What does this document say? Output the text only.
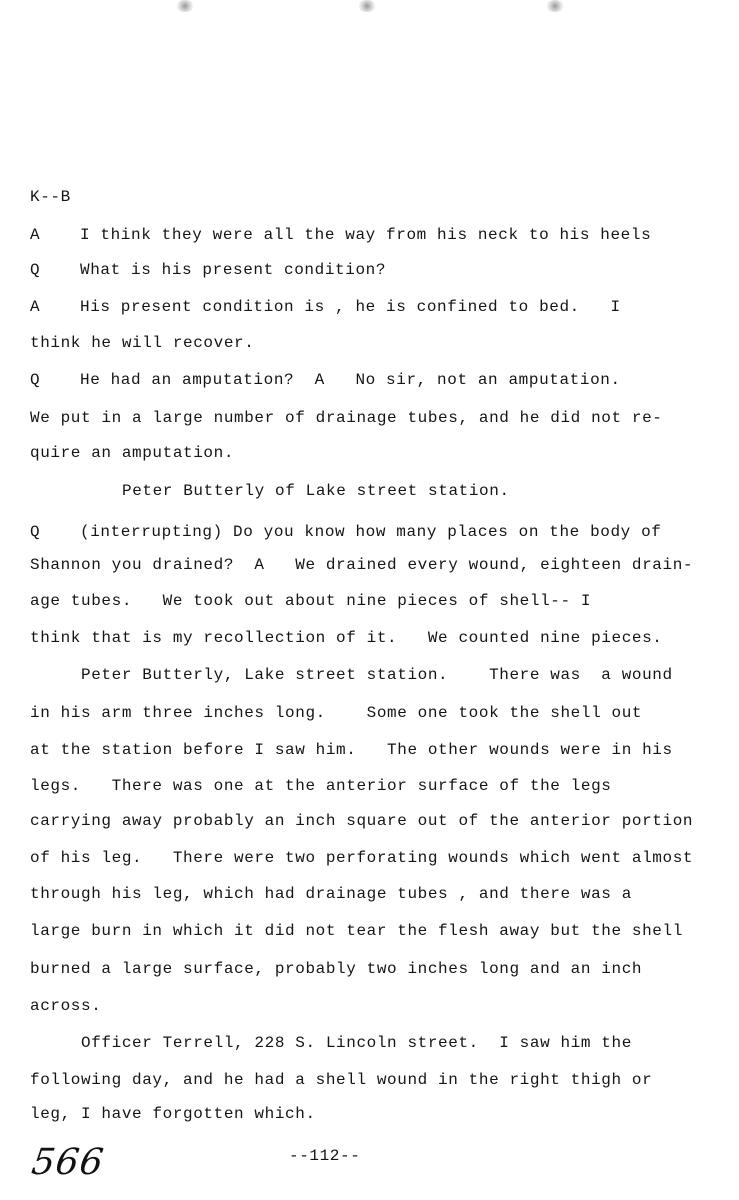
K--B
A I think they were all the way from his neck to his heels
Q What is his present condition?
A His present condition is , he is confined to bed.   I
think he will recover.
Q He had an amputation?  A   No sir, not an amputation.
We put in a large number of drainage tubes, and he did not re-
quire an amputation.
Peter Butterly of Lake street station.
Q (interrupting) Do you know how many places on the body of
Shannon you drained?  A   We drained every wound, eighteen drain-
age tubes.   We took out about nine pieces of shell-- I
think that is my recollection of it.   We counted nine pieces.
Peter Butterly, Lake street station.    There was  a wound
in his arm three inches long.    Some one took the shell out
at the station before I saw him.   The other wounds were in his
legs.   There was one at the anterior surface of the legs
carrying away probably an inch square out of the anterior portion
of his leg.   There were two perforating wounds which went almost
through his leg, which had drainage tubes , and there was a
large burn in which it did not tear the flesh away but the shell
burned a large surface, probably two inches long and an inch
across.
Officer Terrell, 228 S. Lincoln street.  I saw him the
following day, and he had a shell wound in the right thigh or
leg, I have forgotten which.
--112--
566
